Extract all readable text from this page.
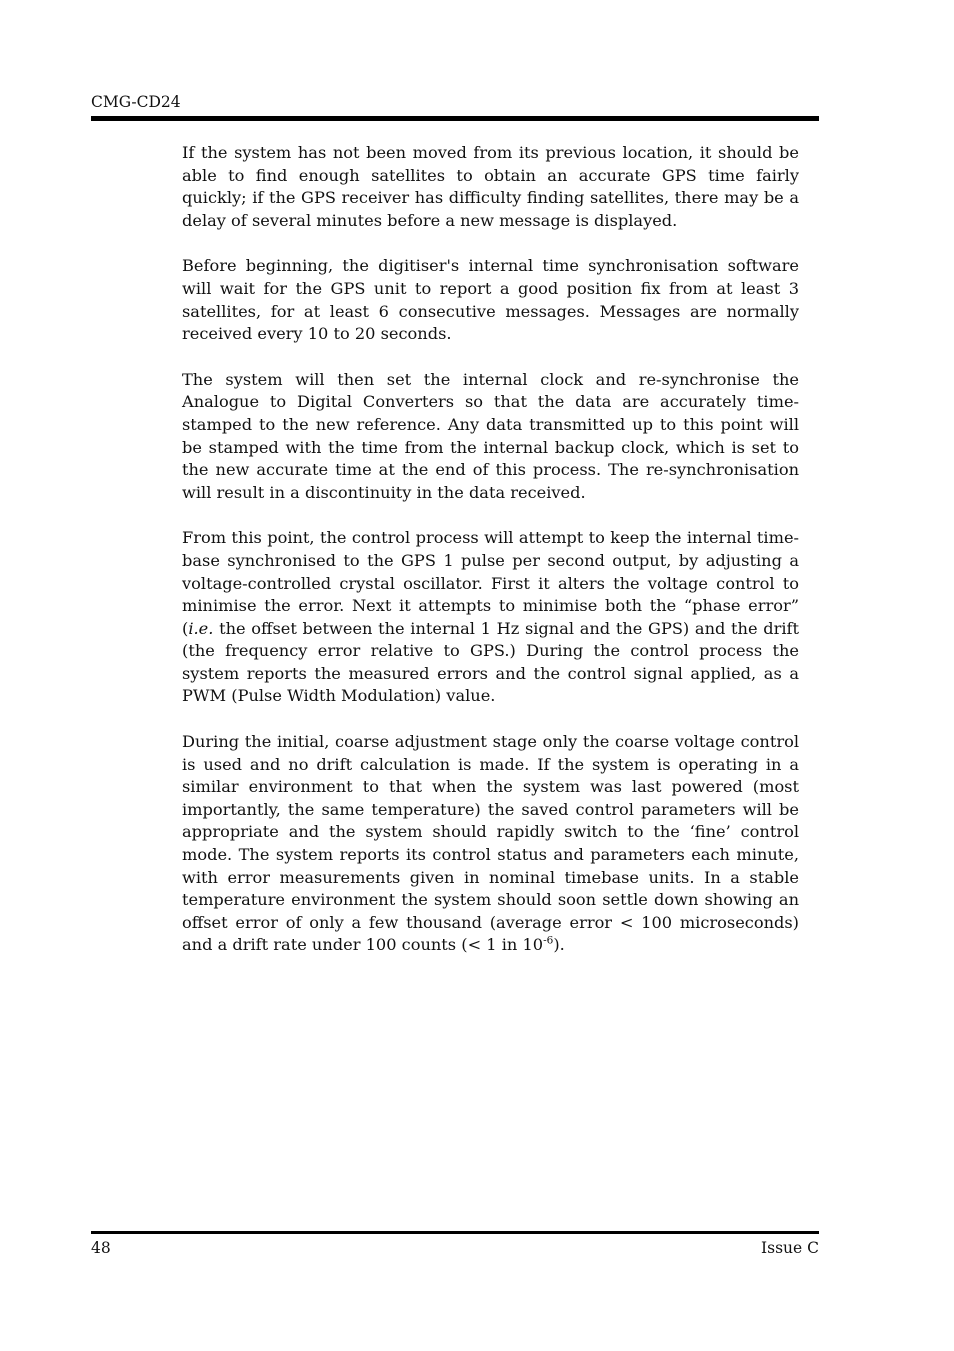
CMG-CD24

If the system has not been moved from its previous location, it should be able to find enough satellites to obtain an accurate GPS time fairly quickly; if the GPS receiver has difficulty finding satellites, there may be a delay of several minutes before a new message is displayed.

Before beginning, the digitiser's internal time synchronisation software will wait for the GPS unit to report a good position fix from at least 3 satellites, for at least 6 consecutive messages. Messages are normally received every 10 to 20 seconds.

The system will then set the internal clock and re-synchronise the Analogue to Digital Converters so that the data are accurately time-stamped to the new reference. Any data transmitted up to this point will be stamped with the time from the internal backup clock, which is set to the new accurate time at the end of this process. The re-synchronisation will result in a discontinuity in the data received.

From this point, the control process will attempt to keep the internal time-base synchronised to the GPS 1 pulse per second output, by adjusting a voltage-controlled crystal oscillator. First it alters the voltage control to minimise the error. Next it attempts to minimise both the “phase error” (i.e. the offset between the internal 1 Hz signal and the GPS) and the drift (the frequency error relative to GPS.) During the control process the system reports the measured errors and the control signal applied, as a PWM (Pulse Width Modulation) value.

During the initial, coarse adjustment stage only the coarse voltage control is used and no drift calculation is made. If the system is operating in a similar environment to that when the system was last powered (most importantly, the same temperature) the saved control parameters will be appropriate and the system should rapidly switch to the ‘fine’ control mode. The system reports its control status and parameters each minute, with error measurements given in nominal timebase units. In a stable temperature environment the system should soon settle down showing an offset error of only a few thousand (average error < 100 microseconds) and a drift rate under 100 counts (< 1 in $10^{-6}$).

48	Issue C
